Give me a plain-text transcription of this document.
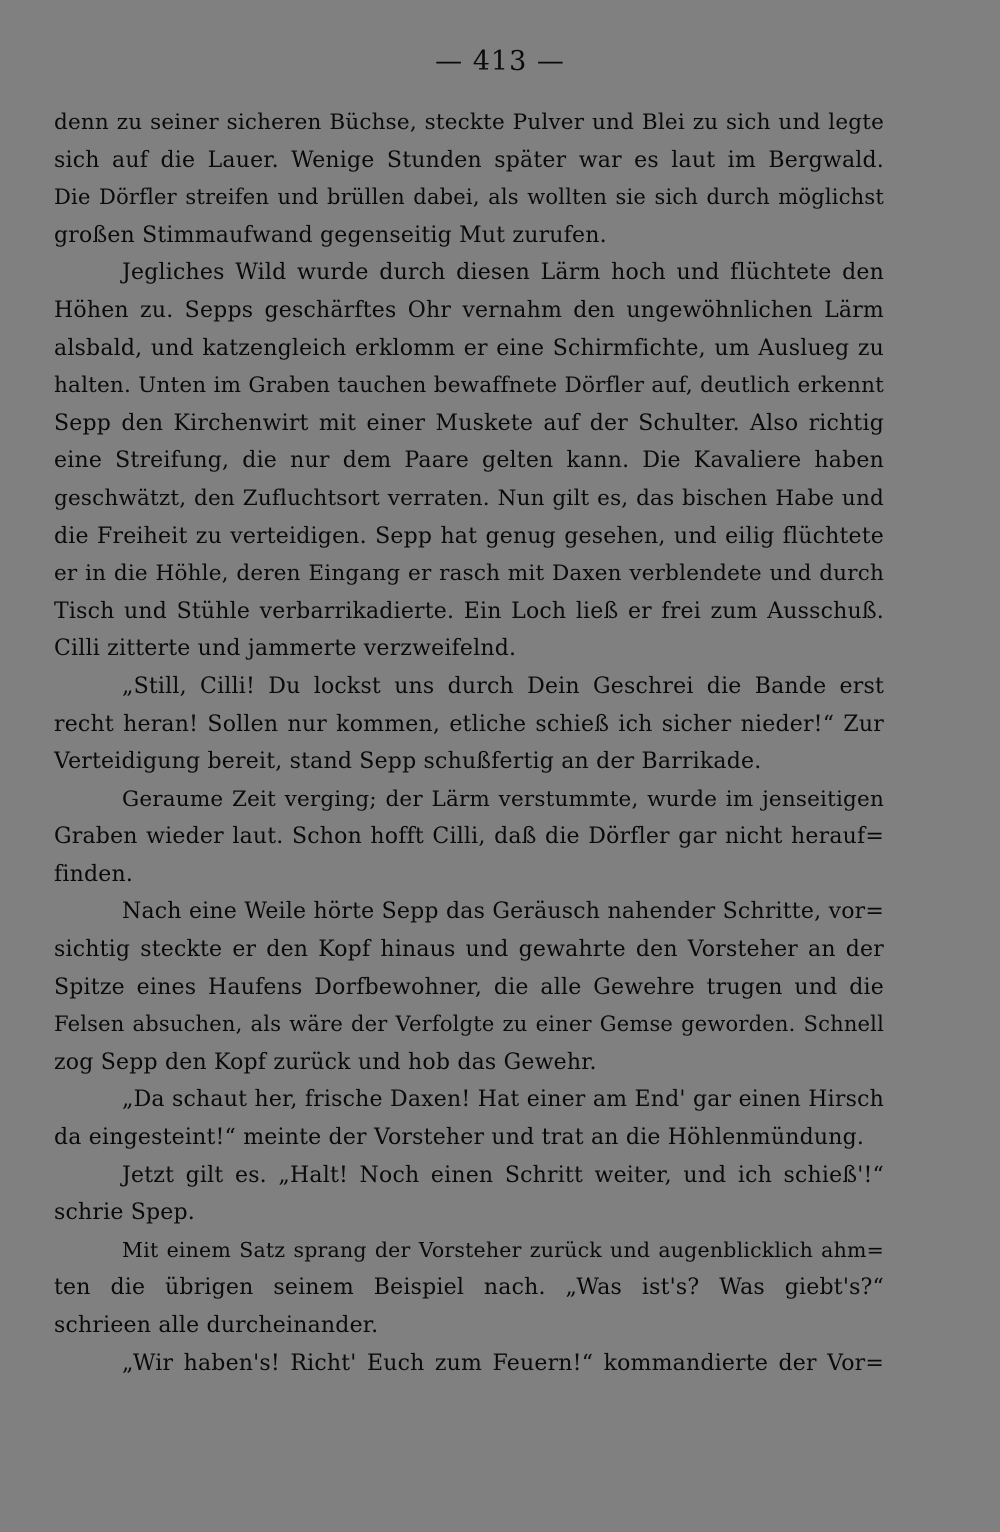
— 413 —
denn zu seiner sicheren Büchse, steckte Pulver und Blei zu sich und legte
sich auf die Lauer. Wenige Stunden später war es laut im Bergwald.
Die Dörfler streifen und brüllen dabei, als wollten sie sich durch möglichst
großen Stimmaufwand gegenseitig Mut zurufen.
Jegliches Wild wurde durch diesen Lärm hoch und flüchtete den
Höhen zu. Sepps geschärftes Ohr vernahm den ungewöhnlichen Lärm
alsbald, und katzengleich erklomm er eine Schirmfichte, um Auslueg zu
halten. Unten im Graben tauchen bewaffnete Dörfler auf, deutlich erkennt
Sepp den Kirchenwirt mit einer Muskete auf der Schulter. Also richtig
eine Streifung, die nur dem Paare gelten kann. Die Kavaliere haben
geschwätzt, den Zufluchtsort verraten. Nun gilt es, das bischen Habe und
die Freiheit zu verteidigen. Sepp hat genug gesehen, und eilig flüchtete
er in die Höhle, deren Eingang er rasch mit Daxen verblendete und durch
Tisch und Stühle verbarrikadierte. Ein Loch ließ er frei zum Ausschuß.
Cilli zitterte und jammerte verzweifelnd.
„Still, Cilli! Du lockst uns durch Dein Geschrei die Bande erst
recht heran! Sollen nur kommen, etliche schieß ich sicher nieder!“ Zur
Verteidigung bereit, stand Sepp schußfertig an der Barrikade.
Geraume Zeit verging; der Lärm verstummte, wurde im jenseitigen
Graben wieder laut. Schon hofft Cilli, daß die Dörfler gar nicht herauf=
finden.
Nach eine Weile hörte Sepp das Geräusch nahender Schritte, vor=
sichtig steckte er den Kopf hinaus und gewahrte den Vorsteher an der
Spitze eines Haufens Dorfbewohner, die alle Gewehre trugen und die
Felsen absuchen, als wäre der Verfolgte zu einer Gemse geworden. Schnell
zog Sepp den Kopf zurück und hob das Gewehr.
„Da schaut her, frische Daxen! Hat einer am End' gar einen Hirsch
da eingesteint!“ meinte der Vorsteher und trat an die Höhlenmündung.
Jetzt gilt es. „Halt! Noch einen Schritt weiter, und ich schieß'!“
schrie Spep.
Mit einem Satz sprang der Vorsteher zurück und augenblicklich ahm=
ten die übrigen seinem Beispiel nach. „Was ist's? Was giebt's?“
schrieen alle durcheinander.
„Wir haben's! Richt' Euch zum Feuern!“ kommandierte der Vor=
